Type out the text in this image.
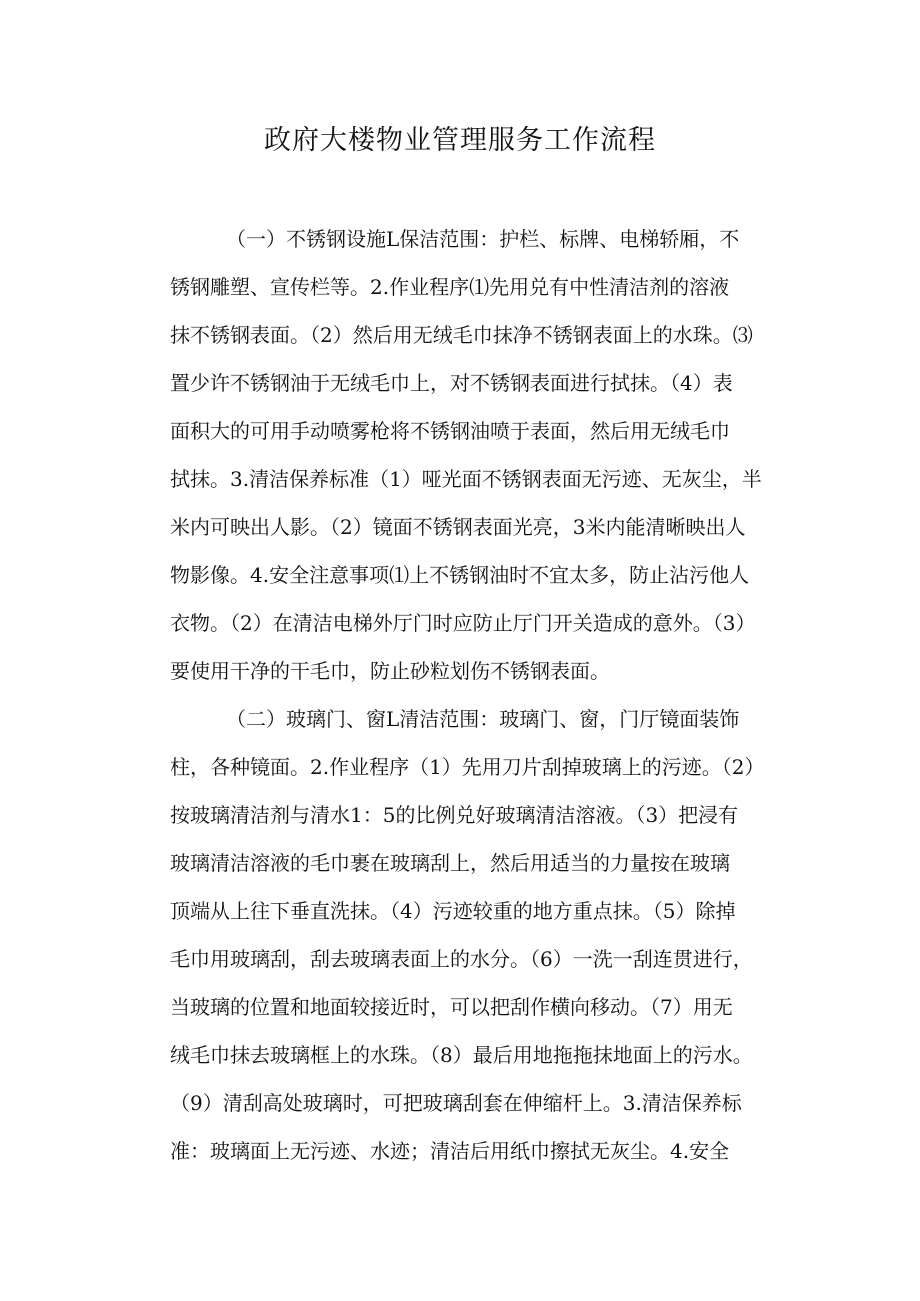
政府大楼物业管理服务工作流程

（一）不锈钢设施L保洁范围：护栏、标牌、电梯轿厢，不

锈钢雕塑、宣传栏等。2.作业程序⑴先用兑有中性清洁剂的溶液

抹不锈钢表面。（2）然后用无绒毛巾抹净不锈钢表面上的水珠。⑶

置少许不锈钢油于无绒毛巾上，对不锈钢表面进行拭抹。（4）表

面积大的可用手动喷雾枪将不锈钢油喷于表面，然后用无绒毛巾

拭抹。3.清洁保养标准（1）哑光面不锈钢表面无污迹、无灰尘，半

米内可映出人影。（2）镜面不锈钢表面光亮，3米内能清晰映出人

物影像。4.安全注意事项⑴上不锈钢油时不宜太多，防止沾污他人

衣物。（2）在清洁电梯外厅门时应防止厅门开关造成的意外。（3）

要使用干净的干毛巾，防止砂粒划伤不锈钢表面。

（二）玻璃门、窗L清洁范围：玻璃门、窗，门厅镜面装饰

柱，各种镜面。2.作业程序（1）先用刀片刮掉玻璃上的污迹。（2）

按玻璃清洁剂与清水1：5的比例兑好玻璃清洁溶液。（3）把浸有

玻璃清洁溶液的毛巾裹在玻璃刮上，然后用适当的力量按在玻璃

顶端从上往下垂直洗抹。（4）污迹较重的地方重点抹。（5）除掉

毛巾用玻璃刮，刮去玻璃表面上的水分。（6）一洗一刮连贯进行，

当玻璃的位置和地面较接近时，可以把刮作横向移动。（7）用无

绒毛巾抹去玻璃框上的水珠。（8）最后用地拖拖抹地面上的污水。

（9）清刮高处玻璃时，可把玻璃刮套在伸缩杆上。3.清洁保养标

准：玻璃面上无污迹、水迹；清洁后用纸巾擦拭无灰尘。4.安全
